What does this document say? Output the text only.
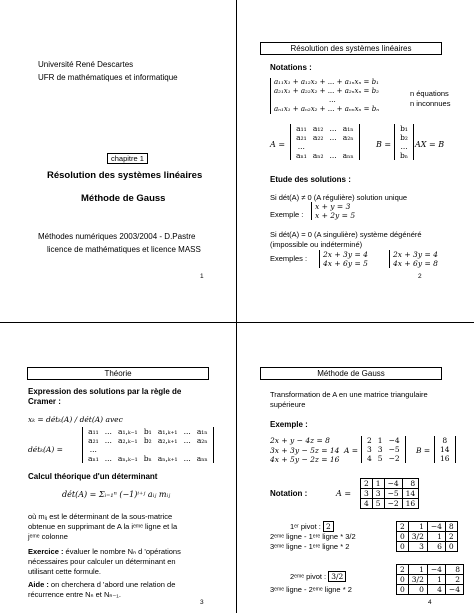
Université René Descartes
UFR de mathématiques et informatique
chapitre 1
Résolution des systèmes linéaires
Méthode de Gauss
Méthodes numériques 2003/2004 - D.Pastre
licence de mathématiques et licence MASS
1
Résolution des systèmes linéaires
Notations :
a₁₁x₁ + a₁₂x₂ + ... + a₁ₙxₙ = b₁
a₂₁x₁ + a₂₂x₂ + ... + a₂ₙxₙ = b₂
...
aₙ₁x₁ + aₙ₂x₂ + ... + aₙₙxₙ = bₙ
n équations
n inconnues
A =
a₁₁	a₁₂	...	a₁ₙ
a₂₁	a₂₂	...	a₂ₙ
...			
aₙ₁	aₙ₂	...	aₙₙ
B =
b₁
b₂
...
bₙ
AX = B
Etude des solutions :
Si dét(A) ≠ 0 (A régulière) solution unique
Exemple :
x + y = 3
x + 2y = 5
Si dét(A) = 0 (A singulière) système dégénéré
(impossible ou indéterminé)
Exemples : 2x + 3y = 4
4x + 6y = 5
2x + 3y = 4
4x + 6y = 8
2
Théorie
Expression des solutions par la règle de
Cramer :
xₖ = détₖ(A) / dét(A) avec
détₖ(A) =
a₁₁	...	a₁,ₖ₋₁	b₁	a₁,ₖ₊₁	...	a₁ₙ
a₂₁	...	a₂,ₖ₋₁	b₂	a₂,ₖ₊₁	...	a₂ₙ
...						
aₙ₁	...	aₙ,ₖ₋₁	bₙ	aₙ,ₖ₊₁	...	aₙₙ
Calcul théorique d'un déterminant
dét(A) = Σᵢ₌₁ⁿ (−1)ⁱ⁺ʲ aᵢⱼ mᵢⱼ
où mᵢⱼ est le déterminant de la sous-matrice
obtenue en supprimant de A la iᵉᵐᵉ ligne et la
jᵉᵐᵉ colonne
Exercice : évaluer le nombre Nₙ d 'opérations
nécessaires pour calculer un déterminant en
utilisant cette formule.
Aide : on cherchera d 'abord une relation de
récurrence entre Nₙ et Nₙ₋₁.
3
Méthode de Gauss
Transformation de A en une matrice triangulaire
supérieure
Exemple :
2x + y − 4z = 8
3x + 3y − 5z = 14
4x + 5y − 2z = 16
A =
2	1	−4
3	3	−5
4	5	−2
B =
8
14
16
Notation :	A =
2	1	−4	8
3	3	−5	14
4	5	−2	16
1ᵉʳ pivot : 2
2ᵉᵐᵉ ligne - 1ᵉʳᵉ ligne * 3/2
3ᵉᵐᵉ ligne - 1ᵉʳᵉ ligne * 2
2	1	−4	8
0	3/2	1	2
0	3	6	0
2ᵉᵐᵉ pivot : 3/2
3ᵉᵐᵉ ligne - 2ᵉᵐᵉ ligne * 2
2	1	−4	8
0	3/2	1	2
0	0	4	−4
4
